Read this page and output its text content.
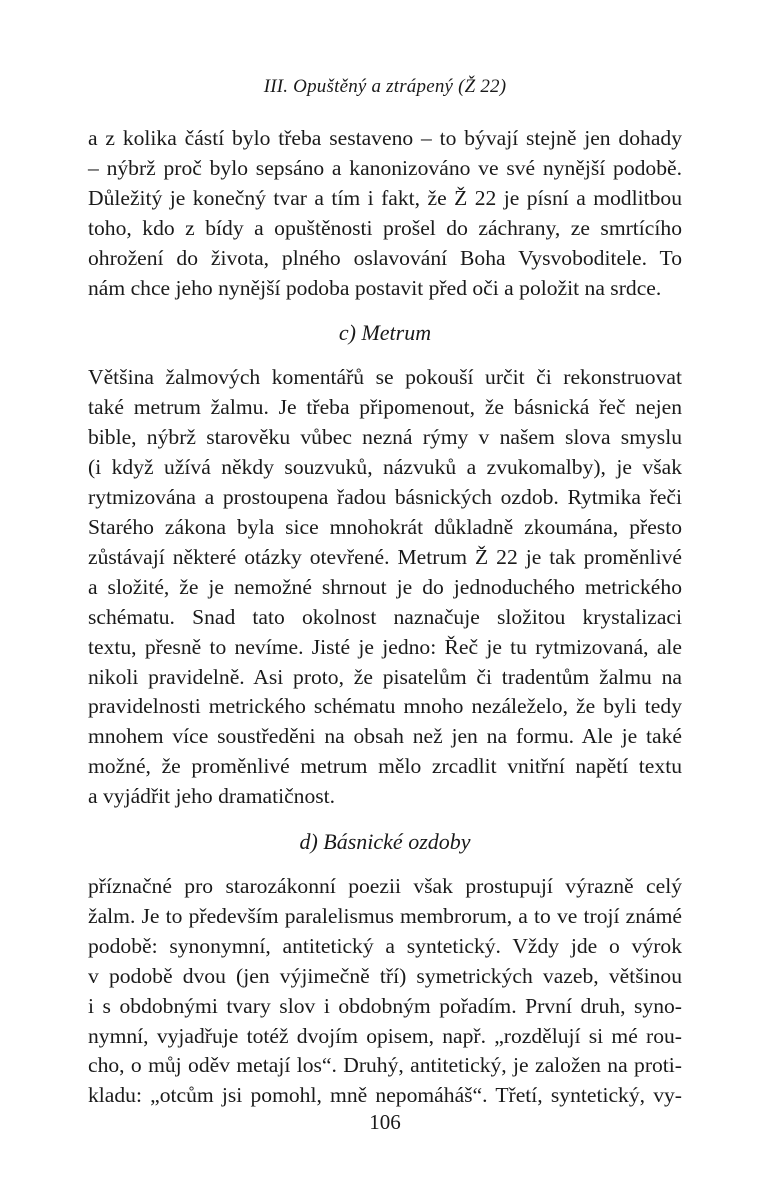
III. Opuštěný a ztrápený (Ž 22)
a z kolika částí bylo třeba sestaveno – to bývají stejně jen dohady
– nýbrž proč bylo sepsáno a kanonizováno ve své nynější podobě.
Důležitý je konečný tvar a tím i fakt, že Ž 22 je písní a modlitbou
toho, kdo z bídy a opuštěnosti prošel do záchrany, ze smrtícího
ohrožení do života, plného oslavování Boha Vysvoboditele. To
nám chce jeho nynější podoba postavit před oči a položit na srdce.
c) Metrum
Většina žalmových komentářů se pokouší určit či rekonstruovat
také metrum žalmu. Je třeba připomenout, že básnická řeč nejen
bible, nýbrž starověku vůbec nezná rýmy v našem slova smyslu
(i když užívá někdy souzvuků, názvuků a zvukomalby), je však
rytmizována a prostoupena řadou básnických ozdob. Rytmika řeči
Starého zákona byla sice mnohokrát důkladně zkoumána, přesto
zůstávají některé otázky otevřené. Metrum Ž 22 je tak proměnlivé
a složité, že je nemožné shrnout je do jednoduchého metrického
schématu. Snad tato okolnost naznačuje složitou krystalizaci
textu, přesně to nevíme. Jisté je jedno: Řeč je tu rytmizovaná, ale
nikoli pravidelně. Asi proto, že pisatelům či tradentům žalmu na
pravidelnosti metrického schématu mnoho nezáleželo, že byli tedy
mnohem více soustředěni na obsah než jen na formu. Ale je také
možné, že proměnlivé metrum mělo zrcadlit vnitřní napětí textu
a vyjádřit jeho dramatičnost.
d) Básnické ozdoby
příznačné pro starozákonní poezii však prostupují výrazně celý
žalm. Je to především paralelismus membrorum, a to ve trojí známé
podobě: synonymní, antitetický a syntetický. Vždy jde o výrok
v podobě dvou (jen výjimečně tří) symetrických vazeb, většinou
i s obdobnými tvary slov i obdobným pořadím. První druh, syno-
nymní, vyjadřuje totéž dvojím opisem, např. „rozdělují si mé rou-
cho, o můj oděv metají los“. Druhý, antitetický, je založen na proti-
kladu: „otcům jsi pomohl, mně nepomáháš“. Třetí, syntetický, vy-
106
